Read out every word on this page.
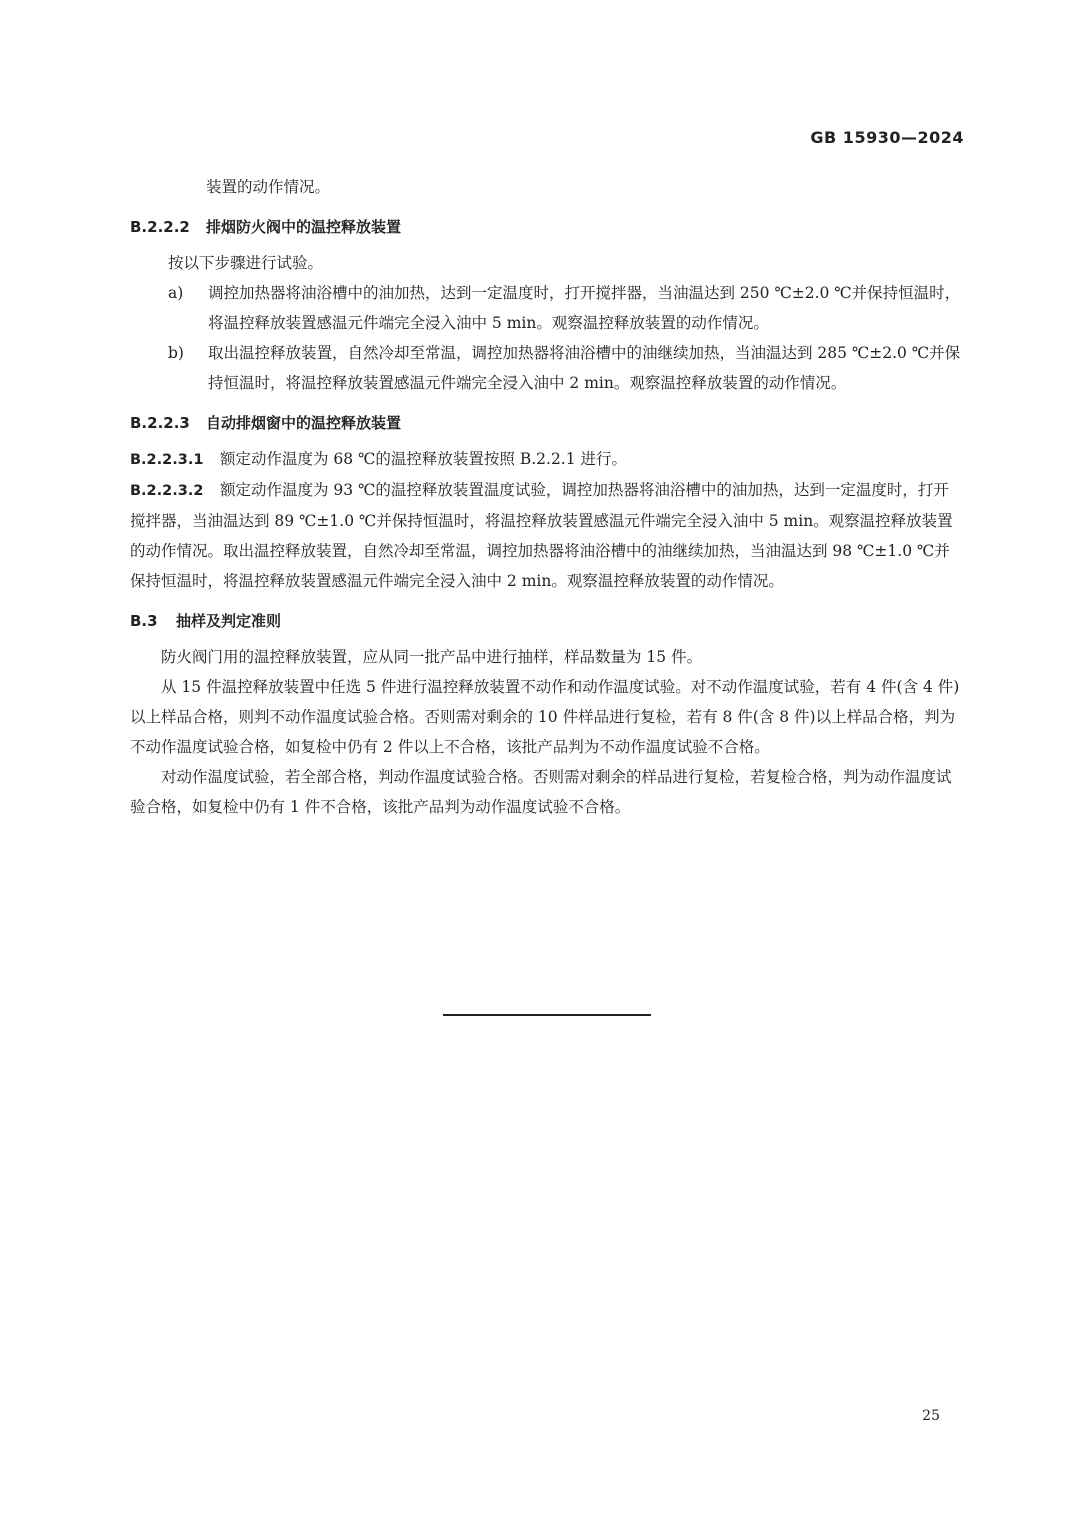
GB 15930—2024

装置的动作情况。

B.2.2.2 排烟防火阀中的温控释放装置

按以下步骤进行试验。

a)	调控加热器将油浴槽中的油加热，达到一定温度时，打开搅拌器，当油温达到 250 ℃±2.0 ℃并保持恒温时，将温控释放装置感温元件端完全浸入油中 5 min。观察温控释放装置的动作情况。
b)	取出温控释放装置，自然冷却至常温，调控加热器将油浴槽中的油继续加热，当油温达到 285 ℃±2.0 ℃并保持恒温时，将温控释放装置感温元件端完全浸入油中 2 min。观察温控释放装置的动作情况。
B.2.2.3 自动排烟窗中的温控释放装置

B.2.2.3.1 额定动作温度为 68 ℃的温控释放装置按照 B.2.2.1 进行。

B.2.2.3.2 额定动作温度为 93 ℃的温控释放装置温度试验，调控加热器将油浴槽中的油加热，达到一定温度时，打开搅拌器，当油温达到 89 ℃±1.0 ℃并保持恒温时，将温控释放装置感温元件端完全浸入油中 5 min。观察温控释放装置的动作情况。取出温控释放装置，自然冷却至常温，调控加热器将油浴槽中的油继续加热，当油温达到 98 ℃±1.0 ℃并保持恒温时，将温控释放装置感温元件端完全浸入油中 2 min。观察温控释放装置的动作情况。

B.3 抽样及判定准则

防火阀门用的温控释放装置，应从同一批产品中进行抽样，样品数量为 15 件。

从 15 件温控释放装置中任选 5 件进行温控释放装置不动作和动作温度试验。对不动作温度试验，若有 4 件(含 4 件)以上样品合格，则判不动作温度试验合格。否则需对剩余的 10 件样品进行复检，若有 8 件(含 8 件)以上样品合格，判为不动作温度试验合格，如复检中仍有 2 件以上不合格，该批产品判为不动作温度试验不合格。

对动作温度试验，若全部合格，判动作温度试验合格。否则需对剩余的样品进行复检，若复检合格，判为动作温度试验合格，如复检中仍有 1 件不合格，该批产品判为动作温度试验不合格。

25
